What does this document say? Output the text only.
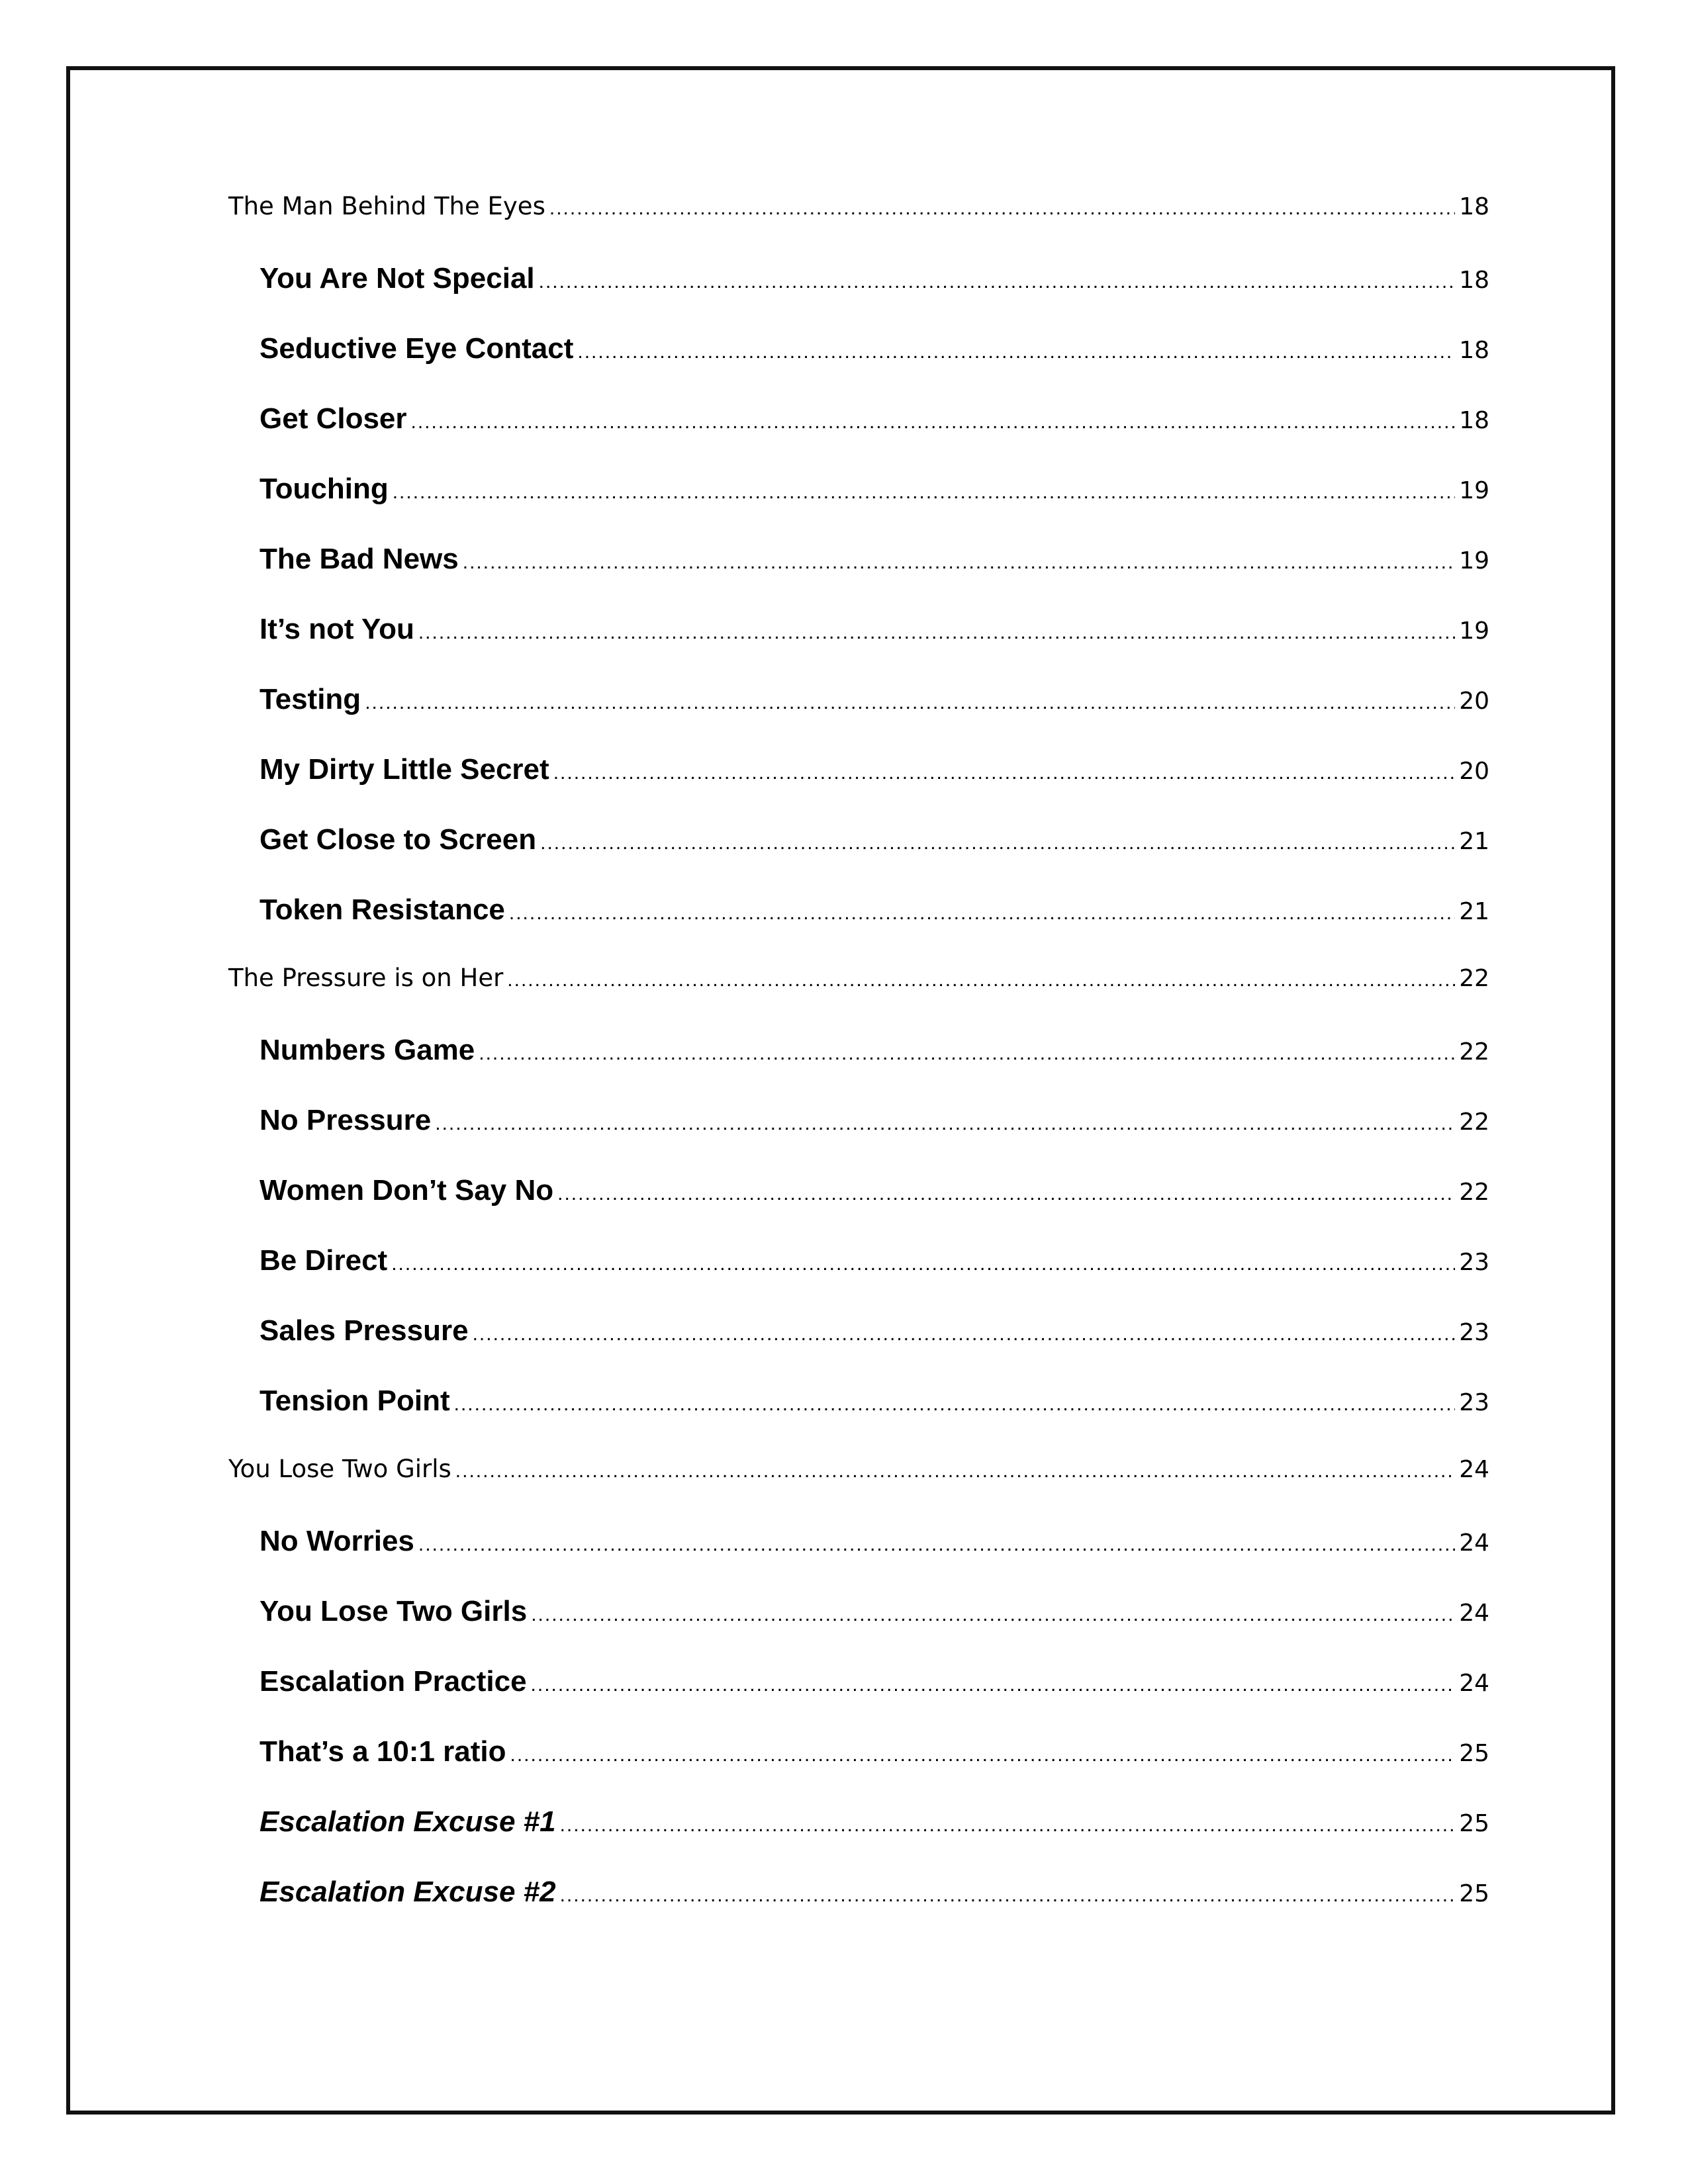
The Man Behind The Eyes .....	18
You Are Not Special .....	18
Seductive Eye Contact .....	18
Get Closer .....	18
Touching .....	19
The Bad News .....	19
It’s not You .....	19
Testing .....	20
My Dirty Little Secret .....	20
Get Close to Screen .....	21
Token Resistance .....	21
The Pressure is on Her .....	22
Numbers Game .....	22
No Pressure .....	22
Women Don’t Say No .....	22
Be Direct .....	23
Sales Pressure .....	23
Tension Point .....	23
You Lose Two Girls .....	24
No Worries .....	24
You Lose Two Girls .....	24
Escalation Practice .....	24
That’s a 10:1 ratio .....	25
Escalation Excuse #1 .....	25
Escalation Excuse #2 .....	25
